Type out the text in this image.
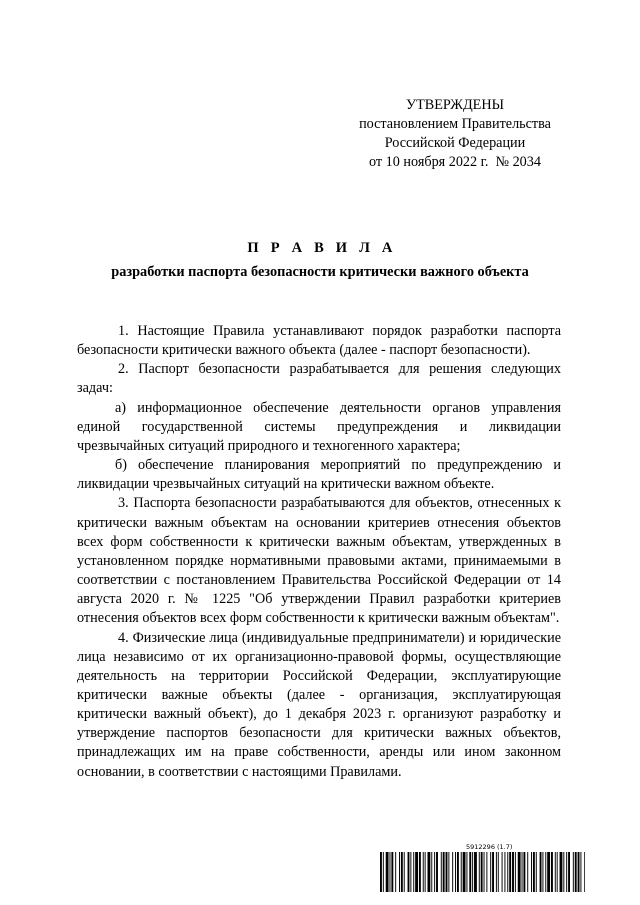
УТВЕРЖДЕНЫ
постановлением Правительства
Российской Федерации
от 10 ноября 2022 г.  № 2034
П Р А В И Л А
разработки паспорта безопасности критически важного объекта

1. Настоящие Правила устанавливают порядок разработки паспорта безопасности критически важного объекта (далее - паспорт безопасности).

2. Паспорт безопасности разрабатывается для решения следующих задач:

а) информационное обеспечение деятельности органов управления единой государственной системы предупреждения и ликвидации чрезвычайных ситуаций природного и техногенного характера;

б) обеспечение планирования мероприятий по предупреждению и ликвидации чрезвычайных ситуаций на критически важном объекте.

3. Паспорта безопасности разрабатываются для объектов, отнесенных к критически важным объектам на основании критериев отнесения объектов всех форм собственности к критически важным объектам, утвержденных в установленном порядке нормативными правовыми актами, принимаемыми в соответствии с постановлением Правительства Российской Федерации от 14 августа 2020 г. № 1225 "Об утверждении Правил разработки критериев отнесения объектов всех форм собственности к критически важным объектам".

4. Физические лица (индивидуальные предприниматели) и юридические лица независимо от их организационно-правовой формы, осуществляющие деятельность на территории Российской Федерации, эксплуатирующие критически важные объекты (далее - организация, эксплуатирующая критически важный объект), до 1 декабря 2023 г. организуют разработку и утверждение паспортов безопасности для критически важных объектов, принадлежащих им на праве собственности, аренды или ином законном основании, в соответствии с настоящими Правилами.

5912296 (1.7)
